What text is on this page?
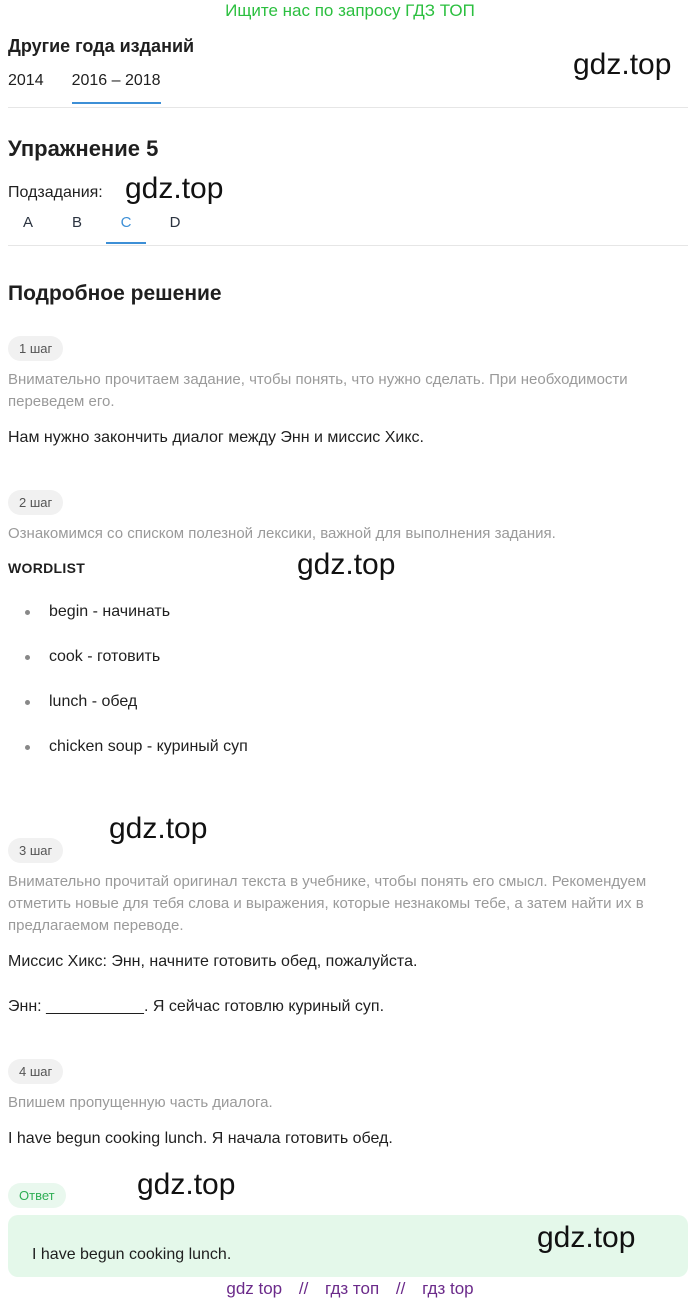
Ищите нас по запросу ГДЗ ТОП
Другие года изданий
2014 2016 – 2018	gdz.top
Упражнение 5
Подзадания: gdz.top
A	B	C	D
Подробное решение
1 шаг
Внимательно прочитаем задание, чтобы понять, что нужно сделать. При необходимости переведем его.
Нам нужно закончить диалог между Энн и миссис Хикс.
2 шаг
Ознакомимся со списком полезной лексики, важной для выполнения задания.
WORDLIST	gdz.top
begin - начинать
cook - готовить
lunch - обед
chicken soup - куриный суп
gdz.top
3 шаг
Внимательно прочитай оригинал текста в учебнике, чтобы понять его смысл. Рекомендуем отметить новые для тебя слова и выражения, которые незнакомы тебе, а затем найти их в предлагаемом переводе.
Миссис Хикс: Энн, начните готовить обед, пожалуйста.
Энн: ___________. Я сейчас готовлю куриный суп.
4 шаг
Впишем пропущенную часть диалога.
I have begun cooking lunch. Я начала готовить обед.
Ответ	gdz.top
I have begun cooking lunch.
gdz.top
gdz top // гдз топ // гдз top
